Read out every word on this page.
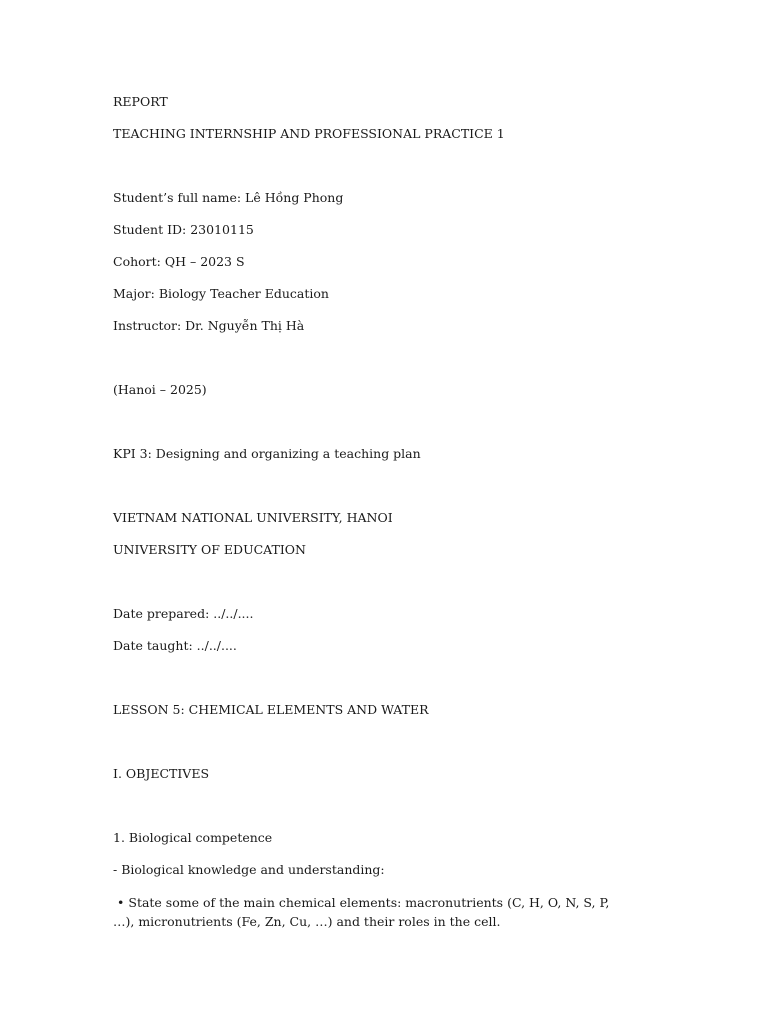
REPORT

TEACHING INTERNSHIP AND PROFESSIONAL PRACTICE 1

Student’s full name: Lê Hồng Phong

Student ID: 23010115

Cohort: QH – 2023 S

Major: Biology Teacher Education

Instructor: Dr. Nguyễn Thị Hà

(Hanoi – 2025)

KPI 3: Designing and organizing a teaching plan

VIETNAM NATIONAL UNIVERSITY, HANOI

UNIVERSITY OF EDUCATION

Date prepared: ../../....

Date taught: ../../....

LESSON 5: CHEMICAL ELEMENTS AND WATER

I. OBJECTIVES

1. Biological competence

- Biological knowledge and understanding:

• State some of the main chemical elements: macronutrients (C, H, O, N, S, P, …), micronutrients (Fe, Zn, Cu, …) and their roles in the cell.
